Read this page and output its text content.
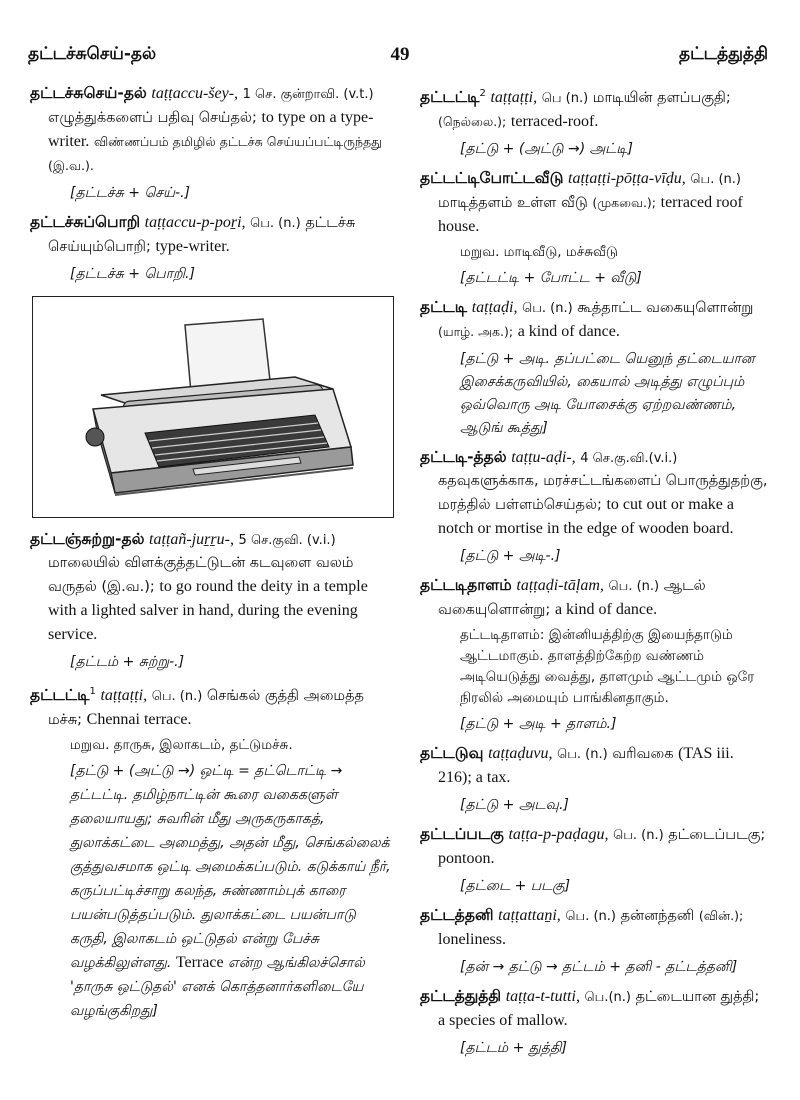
தட்டச்சுசெய்-தல்	49	தட்டத்துத்தி
தட்டச்சுசெய்-தல் taṭṭaccu-šey-, 1 செ. குன்றாவி. (v.t.) எழுத்துக்களைப் பதிவு செய்தல்; to type on a type-writer. விண்ணப்பம் தமிழில் தட்டச்சு செய்யப்பட்டிருந்தது (இ.வ.).
[தட்டச்சு + செய்-.]
தட்டச்சுப்பொறி taṭṭaccu-p-poṟi, பெ. (n.) தட்டச்சு செய்யும்பொறி; type-writer.
[தட்டச்சு + பொறி.]
தட்டஞ்சுற்று-தல் taṭṭañ-juṟṟu-, 5 செ.குவி. (v.i.) மாலையில் விளக்குத்தட்டுடன் கடவுளை வலம் வருதல் (இ.வ.); to go round the deity in a temple with a lighted salver in hand, during the evening service.
[தட்டம் + சுற்று-.]
தட்டட்டி$^1$ taṭṭaṭṭi, பெ. (n.) செங்கல் குத்தி அமைத்த மச்சு; Chennai terrace.
மறுவ. தாருசு, இலாகடம், தட்டுமச்சு.
[தட்டு + (அட்டு →) ஒட்டி = தட்டொட்டி → தட்டட்டி. தமிழ்நாட்டின் கூரை வகைகளுள் தலையாயது; சுவரின் மீது அருகருகாகத், துலாக்கட்டை அமைத்து, அதன் மீது, செங்கல்லைக் குத்துவசமாக ஒட்டி அமைக்கப்படும். கடுக்காய் நீர், கருப்பட்டிச்சாறு கலந்த, சுண்ணாம்புக் காரை பயன்படுத்தப்படும். துலாக்கட்டை பயன்பாடு கருதி, இலாகடம் ஒட்டுதல் என்று பேச்சு வழக்கிலுள்ளது. Terrace என்ற ஆங்கிலச்சொல் 'தாருசு ஒட்டுதல்' எனக் கொத்தனார்களிடையே வழங்குகிறது]
தட்டட்டி$^2$ taṭṭaṭṭi, பெ (n.) மாடியின் தளப்பகுதி; (நெல்லை.); terraced-roof.
[தட்டு + (அட்டு →) அட்டி]
தட்டட்டிபோட்டவீடு taṭṭaṭṭi-pōṭṭa-vīḍu, பெ. (n.) மாடித்தளம் உள்ள வீடு (முகவை.); terraced roof house.
மறுவ. மாடிவீடு, மச்சுவீடு
[தட்டட்டி + போட்ட + வீடு]
தட்டடி taṭṭaḍi, பெ. (n.) கூத்தாட்ட வகையுளொன்று (யாழ். அக.); a kind of dance.
[தட்டு + அடி. தப்பட்டை யெனுந் தட்டையான இசைக்கருவியில், கையால் அடித்து எழுப்பும் ஒவ்வொரு அடி யோசைக்கு ஏற்றவண்ணம், ஆடுங் கூத்து]
தட்டடி-த்தல் taṭṭu-aḍi-, 4 செ.கு.வி.(v.i.) கதவுகளுக்காக, மரச்சட்டங்களைப் பொருத்துதற்கு, மரத்தில் பள்ளம்செய்தல்; to cut out or make a notch or mortise in the edge of wooden board.
[தட்டு + அடி-.]
தட்டடிதாளம் taṭṭaḍi-tāḷam, பெ. (n.) ஆடல் வகையுளொன்று; a kind of dance.
தட்டடிதாளம்: இன்னியத்திற்கு இயைந்தாடும் ஆட்டமாகும். தாளத்திற்கேற்ற வண்ணம் அடியெடுத்து வைத்து, தாளமும் ஆட்டமும் ஒரே நிரலில் அமையும் பாங்கினதாகும்.
[தட்டு + அடி + தாளம்.]
தட்டடுவு taṭṭaḍuvu, பெ. (n.) வரிவகை (TAS iii. 216); a tax.
[தட்டு + அடவு.]
தட்டப்படகு taṭṭa-p-paḍagu, பெ. (n.) தட்டைப்படகு; pontoon.
[தட்டை + படகு]
தட்டத்தனி taṭṭattaṉi, பெ. (n.) தன்னந்தனி (வின்.); loneliness.
[தன் → தட்டு → தட்டம் + தனி - தட்டத்தனி]
தட்டத்துத்தி taṭṭa-t-tutti, பெ.(n.) தட்டையான துத்தி; a species of mallow.
[தட்டம் + துத்தி]
